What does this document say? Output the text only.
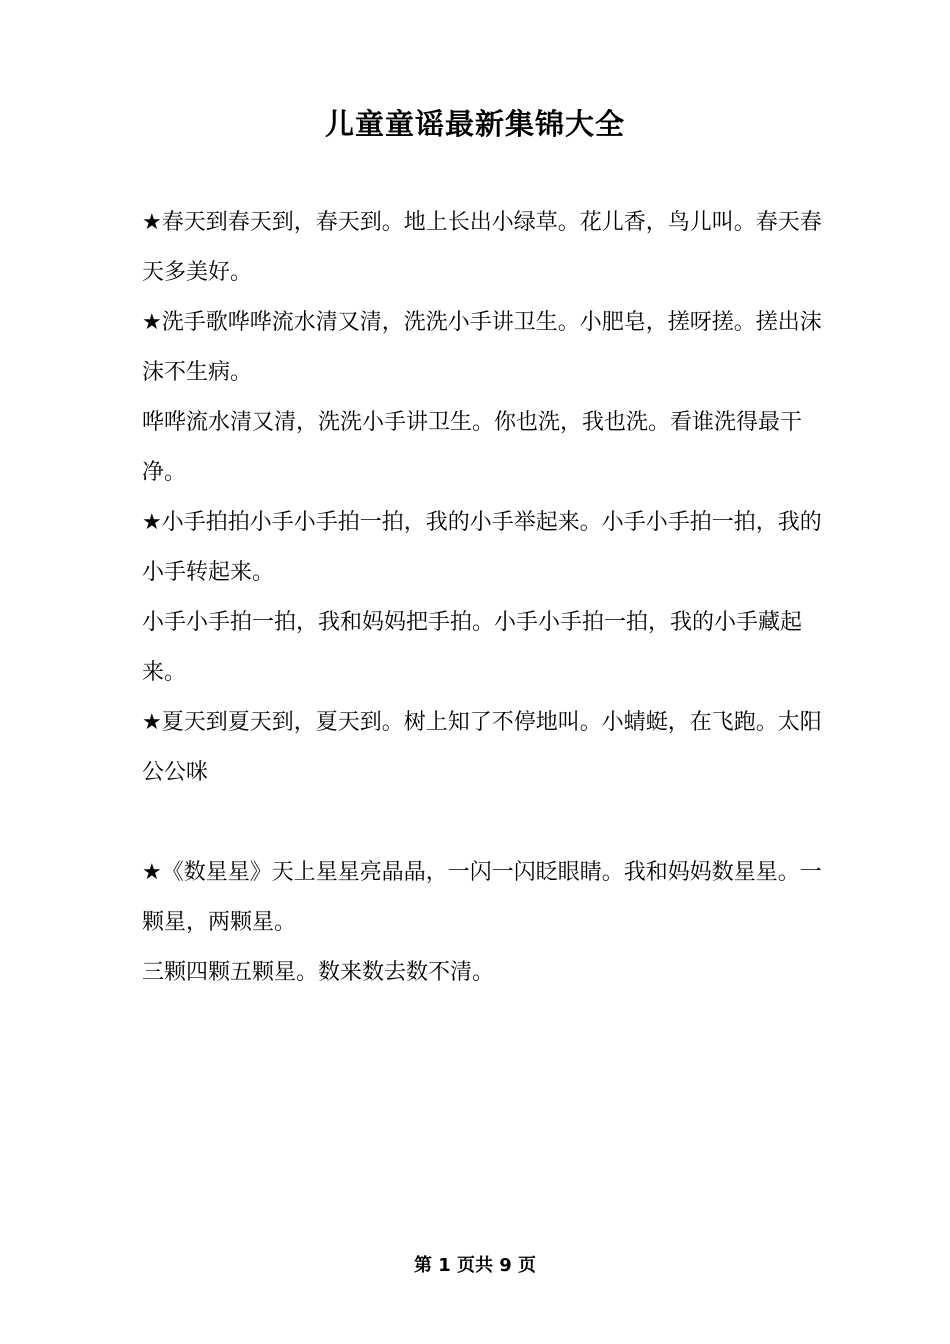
儿童童谣最新集锦大全

★春天到春天到，春天到。地上长出小绿草。花儿香，鸟儿叫。春天春天多美好。

★洗手歌哗哗流水清又清，洗洗小手讲卫生。小肥皂，搓呀搓。搓出沫沫不生病。

哗哗流水清又清，洗洗小手讲卫生。你也洗，我也洗。看谁洗得最干净。

★小手拍拍小手小手拍一拍，我的小手举起来。小手小手拍一拍，我的小手转起来。

小手小手拍一拍，我和妈妈把手拍。小手小手拍一拍，我的小手藏起来。

★夏天到夏天到，夏天到。树上知了不停地叫。小蜻蜓，在飞跑。太阳公公咪

★《数星星》天上星星亮晶晶，一闪一闪眨眼睛。我和妈妈数星星。一颗星，两颗星。

三颗四颗五颗星。数来数去数不清。

第 1 页共 9 页
